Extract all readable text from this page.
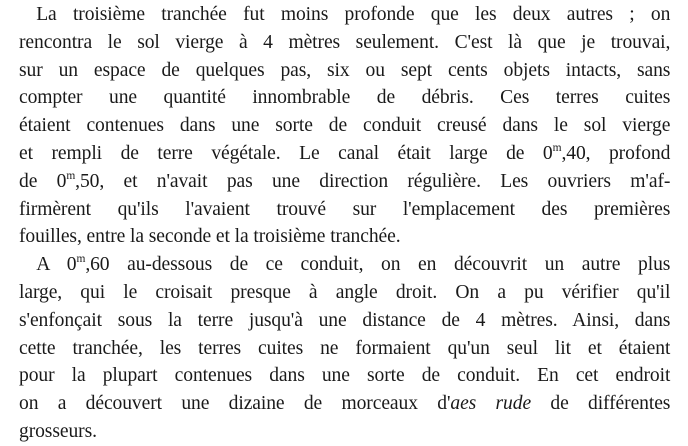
La troisième tranchée fut moins profonde que les deux autres ; on
rencontra le sol vierge à 4 mètres seulement. C'est là que je trouvai,
sur un espace de quelques pas, six ou sept cents objets intacts, sans
compter une quantité innombrable de débris. Ces terres cuites
étaient contenues dans une sorte de conduit creusé dans le sol vierge
et rempli de terre végétale. Le canal était large de 0$^m$,40, profond
de 0$^m$,50, et n'avait pas une direction régulière. Les ouvriers m'af-
firmèrent qu'ils l'avaient trouvé sur l'emplacement des premières
fouilles, entre la seconde et la troisième tranchée.
A 0$^m$,60 au-dessous de ce conduit, on en découvrit un autre plus
large, qui le croisait presque à angle droit. On a pu vérifier qu'il
s'enfonçait sous la terre jusqu'à une distance de 4 mètres. Ainsi, dans
cette tranchée, les terres cuites ne formaient qu'un seul lit et étaient
pour la plupart contenues dans une sorte de conduit. En cet endroit
on a découvert une dizaine de morceaux d'aes rude de différentes
grosseurs.
